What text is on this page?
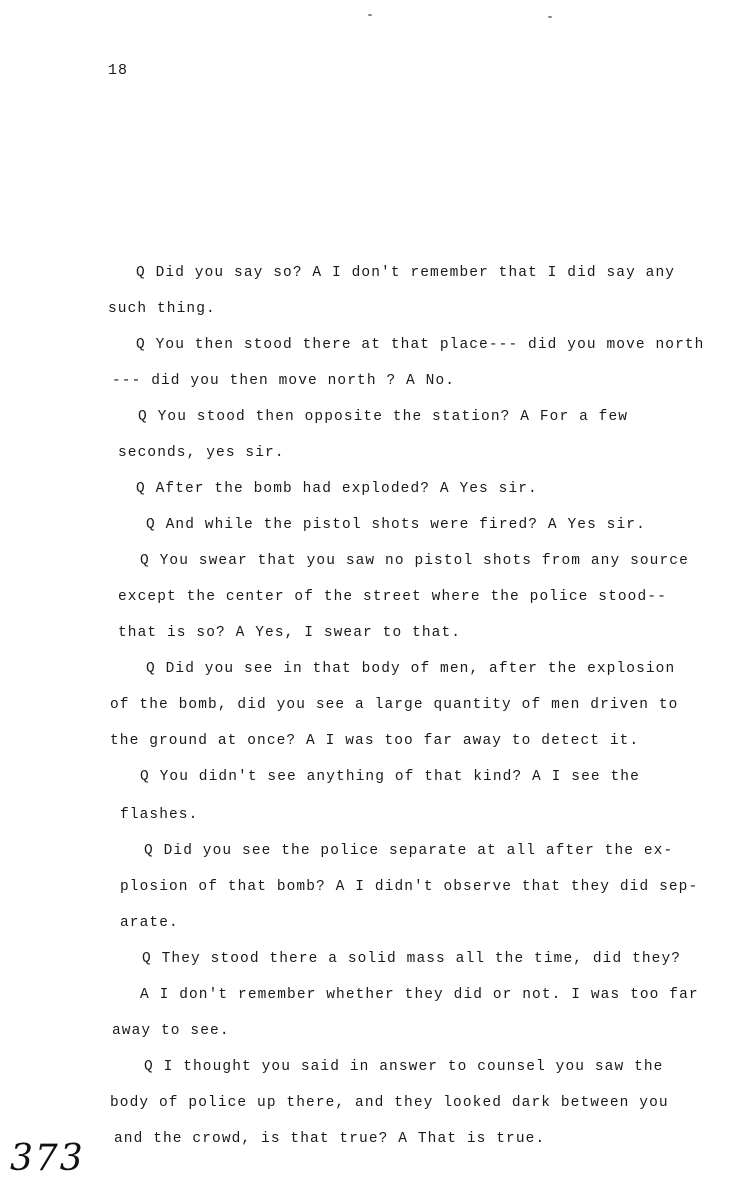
18
Q Did you say so? A I don't remember that I did say any
such thing.
Q You then stood there at that place--- did you move north
--- did you then move north ? A No.
Q You stood then opposite the station? A For a few
seconds, yes sir.
Q After the bomb had exploded? A Yes sir.
Q And while the pistol shots were fired? A Yes sir.
Q You swear that you saw no pistol shots from any source
except the center of the street where the police stood--
that is so? A Yes, I swear to that.
Q Did you see in that body of men, after the explosion
of the bomb, did you see a large quantity of men driven to
the ground at once? A I was too far away to detect it.
Q You didn't see anything of that kind? A I see the
flashes.
Q Did you see the police separate at all after the ex-
plosion of that bomb? A I didn't observe that they did sep-
arate.
Q They stood there a solid mass all the time, did they?
A I don't remember whether they did or not. I was too far
away to see.
Q I thought you said in answer to counsel you saw the
body of police up there, and they looked dark between you
and the crowd, is that true? A That is true.
373
